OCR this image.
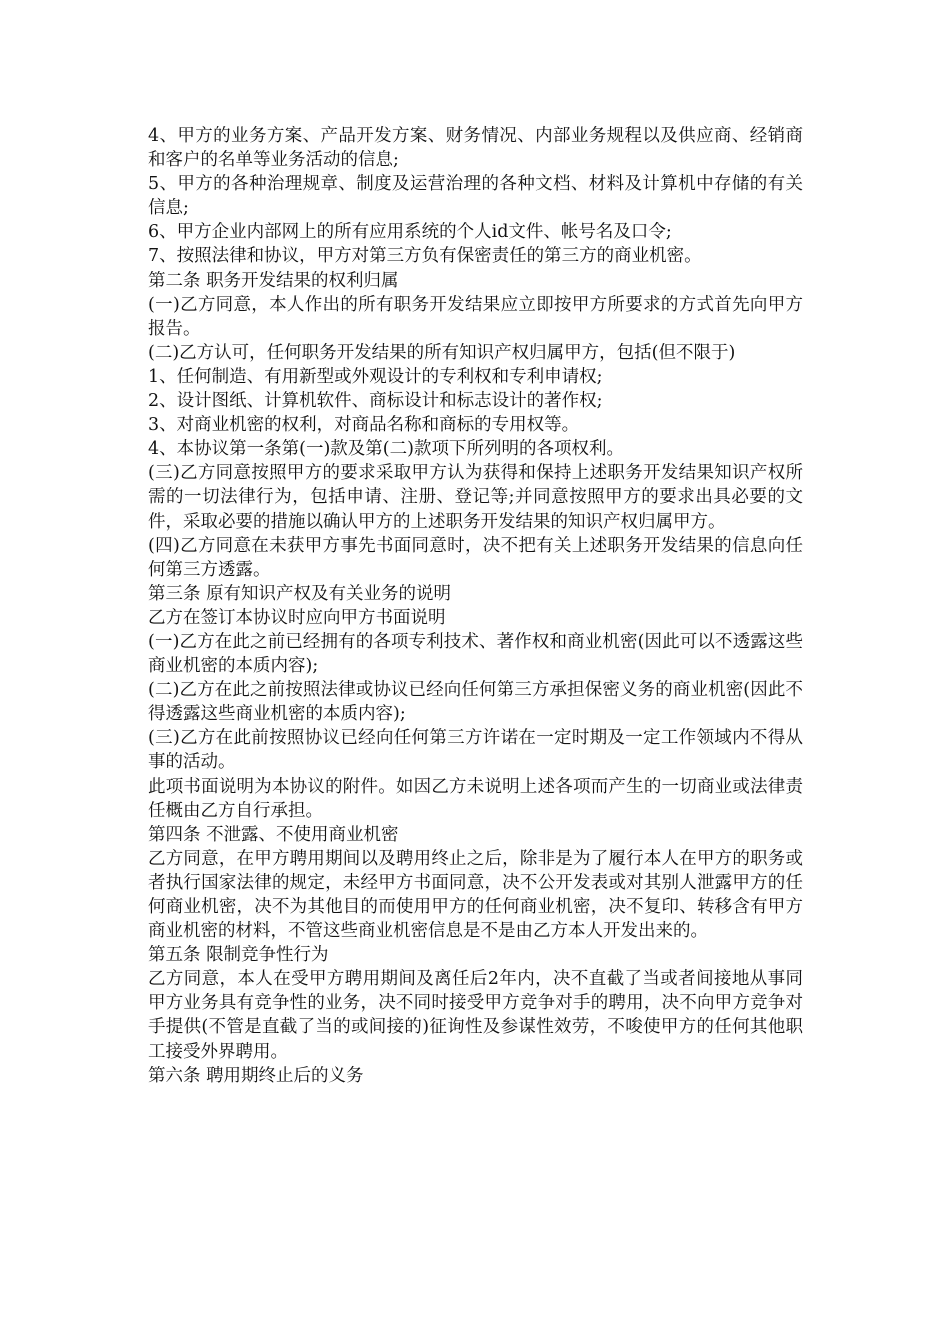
4、甲方的业务方案、产品开发方案、财务情况、内部业务规程以及供应商、经销商和客户的名单等业务活动的信息;

5、甲方的各种治理规章、制度及运营治理的各种文档、材料及计算机中存储的有关信息;

6、甲方企业内部网上的所有应用系统的个人id文件、帐号名及口令;

7、按照法律和协议，甲方对第三方负有保密责任的第三方的商业机密。

第二条 职务开发结果的权利归属

(一)乙方同意，本人作出的所有职务开发结果应立即按甲方所要求的方式首先向甲方报告。

(二)乙方认可，任何职务开发结果的所有知识产权归属甲方，包括(但不限于)

1、任何制造、有用新型或外观设计的专利权和专利申请权;

2、设计图纸、计算机软件、商标设计和标志设计的著作权;

3、对商业机密的权利，对商品名称和商标的专用权等。

4、本协议第一条第(一)款及第(二)款项下所列明的各项权利。

(三)乙方同意按照甲方的要求采取甲方认为获得和保持上述职务开发结果知识产权所需的一切法律行为，包括申请、注册、登记等;并同意按照甲方的要求出具必要的文件，采取必要的措施以确认甲方的上述职务开发结果的知识产权归属甲方。

(四)乙方同意在未获甲方事先书面同意时，决不把有关上述职务开发结果的信息向任何第三方透露。

第三条 原有知识产权及有关业务的说明

乙方在签订本协议时应向甲方书面说明

(一)乙方在此之前已经拥有的各项专利技术、著作权和商业机密(因此可以不透露这些商业机密的本质内容);

(二)乙方在此之前按照法律或协议已经向任何第三方承担保密义务的商业机密(因此不得透露这些商业机密的本质内容);

(三)乙方在此前按照协议已经向任何第三方许诺在一定时期及一定工作领域内不得从事的活动。

此项书面说明为本协议的附件。如因乙方未说明上述各项而产生的一切商业或法律责任概由乙方自行承担。

第四条 不泄露、不使用商业机密

乙方同意，在甲方聘用期间以及聘用终止之后，除非是为了履行本人在甲方的职务或者执行国家法律的规定，未经甲方书面同意，决不公开发表或对其别人泄露甲方的任何商业机密，决不为其他目的而使用甲方的任何商业机密，决不复印、转移含有甲方商业机密的材料，不管这些商业机密信息是不是由乙方本人开发出来的。

第五条 限制竞争性行为

乙方同意，本人在受甲方聘用期间及离任后2年内，决不直截了当或者间接地从事同甲方业务具有竞争性的业务，决不同时接受甲方竞争对手的聘用，决不向甲方竞争对手提供(不管是直截了当的或间接的)征询性及参谋性效劳，不唆使甲方的任何其他职工接受外界聘用。

第六条 聘用期终止后的义务
